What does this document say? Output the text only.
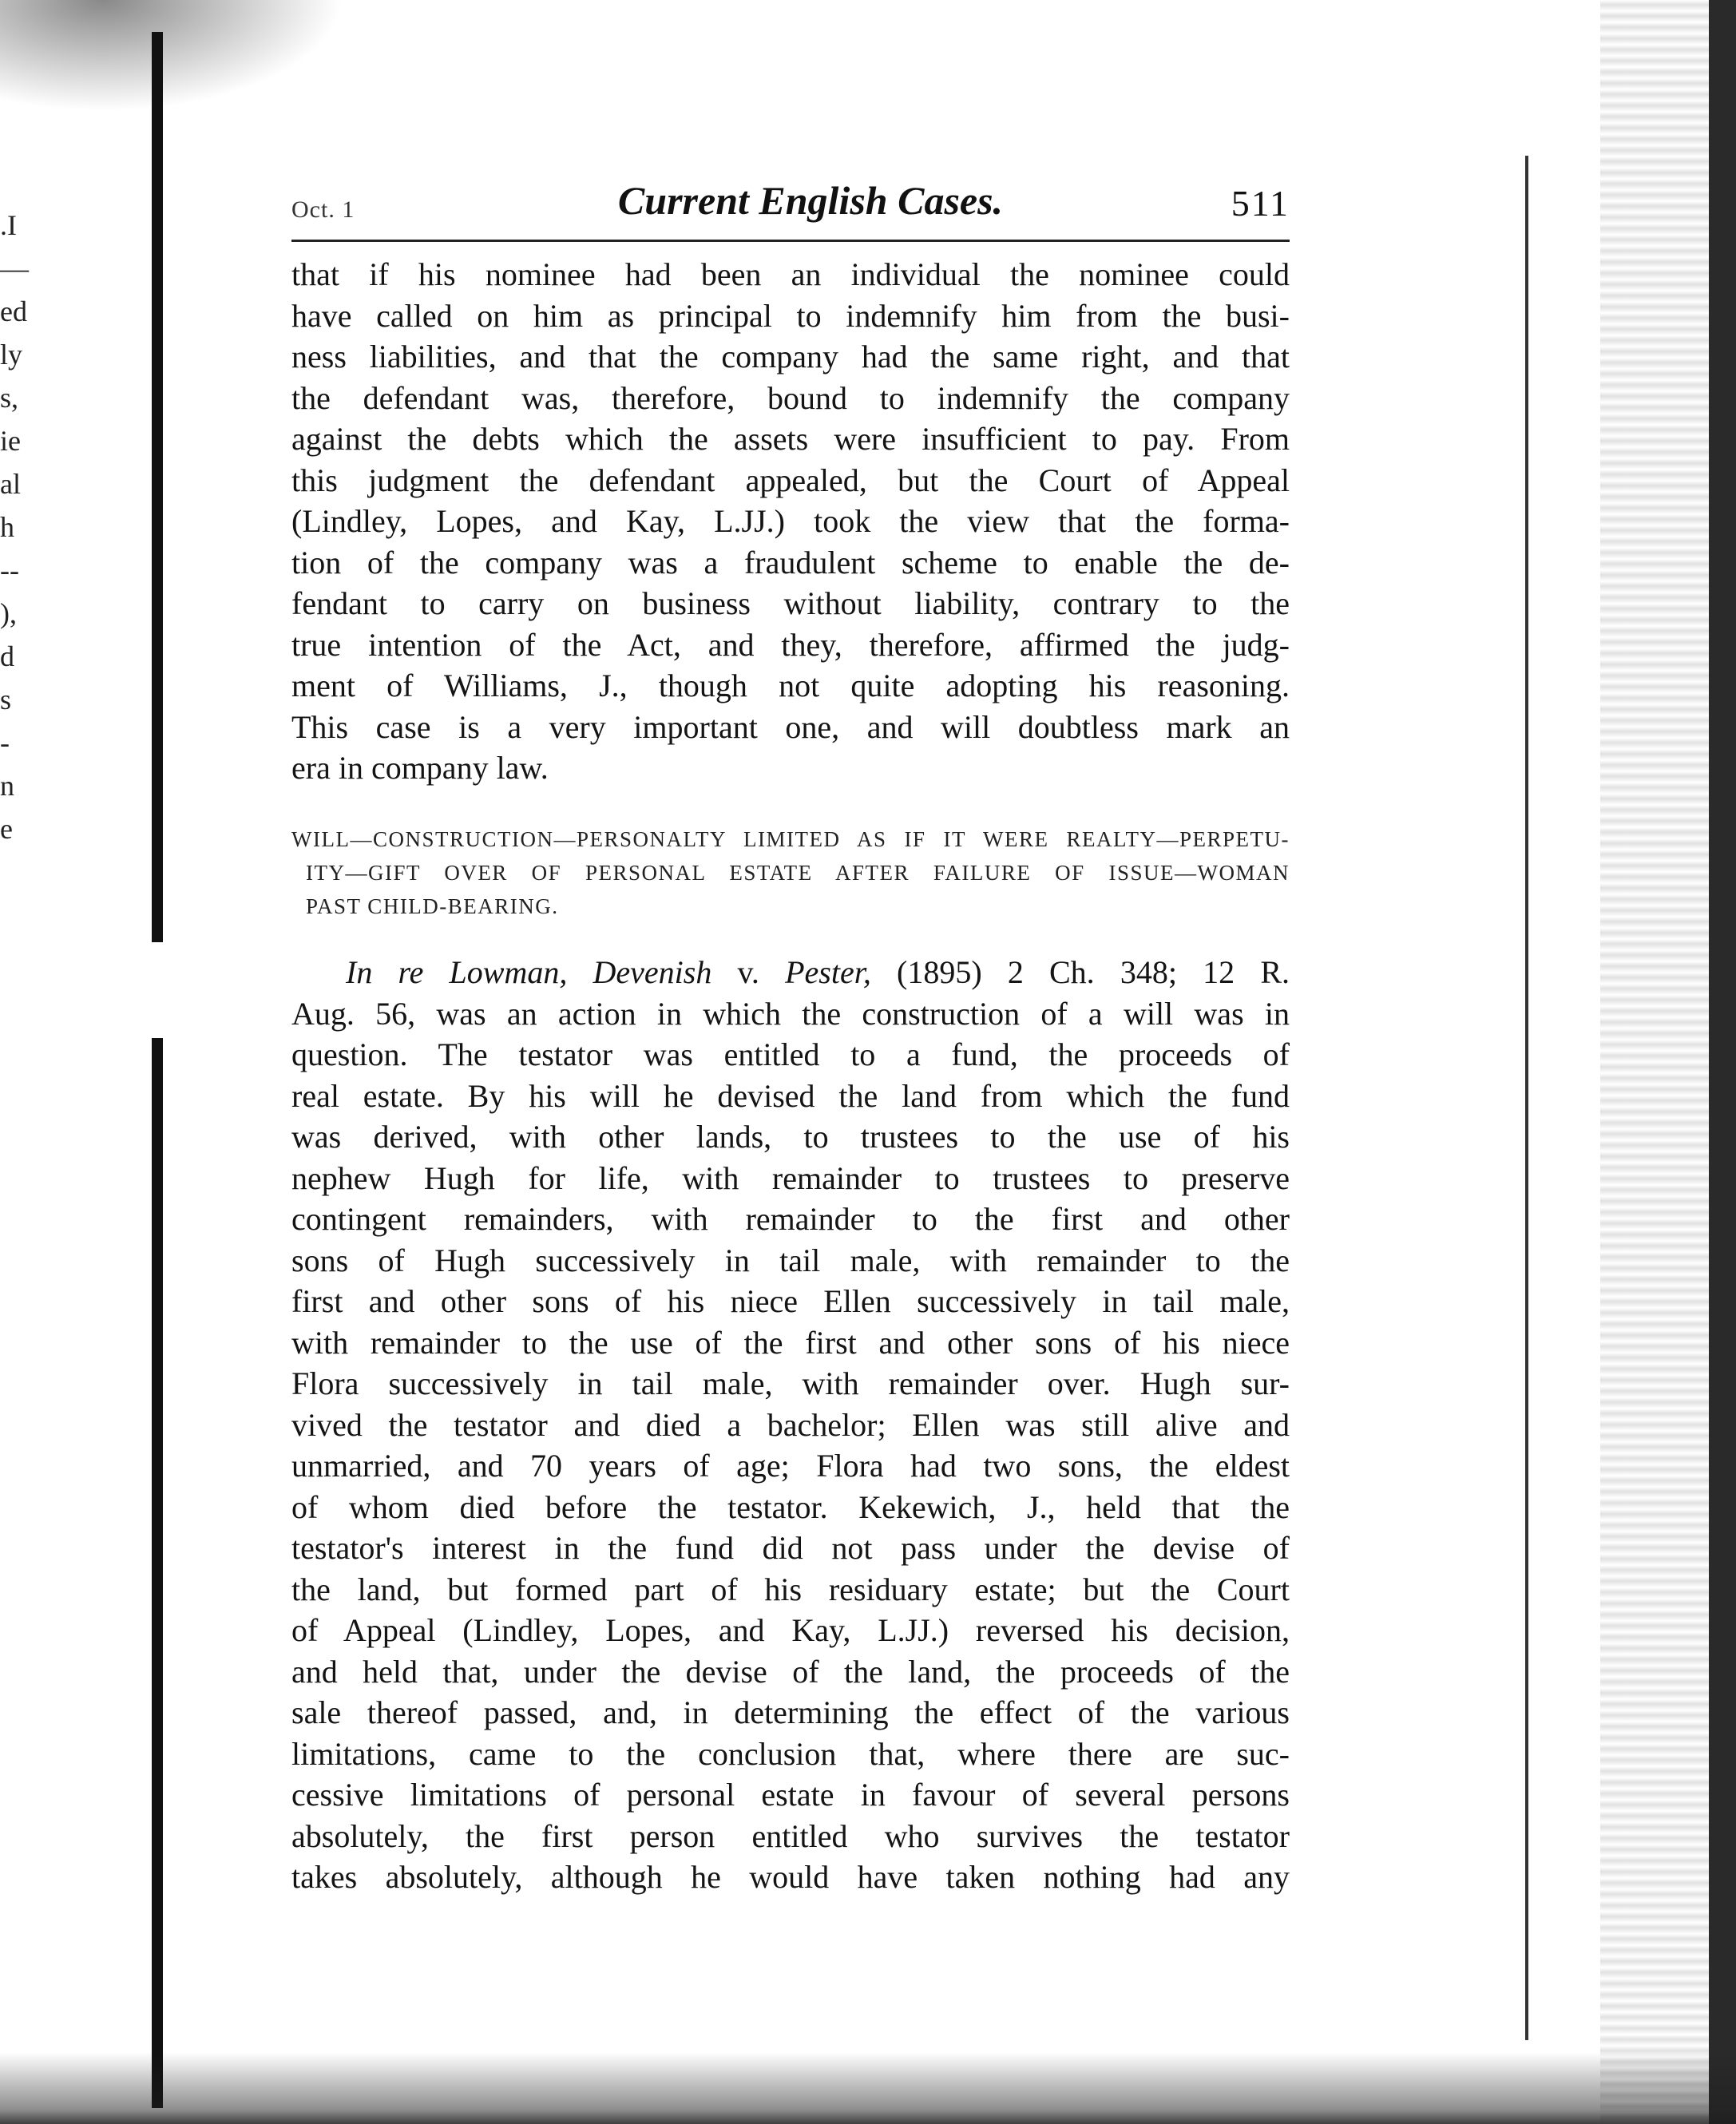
.I
—
ed
ly
s,
ie
al
h
--
),
d
s
-
n
e
Oct. 1	Current English Cases.	511
that if his nominee had been an individual the nominee could
have called on him as principal to indemnify him from the busi-
ness liabilities, and that the company had the same right, and that
the defendant was, therefore, bound to indemnify the company
against the debts which the assets were insufficient to pay. From
this judgment the defendant appealed, but the Court of Appeal
(Lindley, Lopes, and Kay, L.JJ.) took the view that the forma-
tion of the company was a fraudulent scheme to enable the de-
fendant to carry on business without liability, contrary to the
true intention of the Act, and they, therefore, affirmed the judg-
ment of Williams, J., though not quite adopting his reasoning.
This case is a very important one, and will doubtless mark an
era in company law.
WILL—CONSTRUCTION—PERSONALTY LIMITED AS IF IT WERE REALTY—PERPETU-
ITY—GIFT OVER OF PERSONAL ESTATE AFTER FAILURE OF ISSUE—WOMAN
PAST CHILD-BEARING.
In re Lowman, Devenish v. Pester, (1895) 2 Ch. 348; 12 R.
Aug. 56, was an action in which the construction of a will was in
question. The testator was entitled to a fund, the proceeds of
real estate. By his will he devised the land from which the fund
was derived, with other lands, to trustees to the use of his
nephew Hugh for life, with remainder to trustees to preserve
contingent remainders, with remainder to the first and other
sons of Hugh successively in tail male, with remainder to the
first and other sons of his niece Ellen successively in tail male,
with remainder to the use of the first and other sons of his niece
Flora successively in tail male, with remainder over. Hugh sur-
vived the testator and died a bachelor; Ellen was still alive and
unmarried, and 70 years of age; Flora had two sons, the eldest
of whom died before the testator. Kekewich, J., held that the
testator's interest in the fund did not pass under the devise of
the land, but formed part of his residuary estate; but the Court
of Appeal (Lindley, Lopes, and Kay, L.JJ.) reversed his decision,
and held that, under the devise of the land, the proceeds of the
sale thereof passed, and, in determining the effect of the various
limitations, came to the conclusion that, where there are suc-
cessive limitations of personal estate in favour of several persons
absolutely, the first person entitled who survives the testator
takes absolutely, although he would have taken nothing had any
